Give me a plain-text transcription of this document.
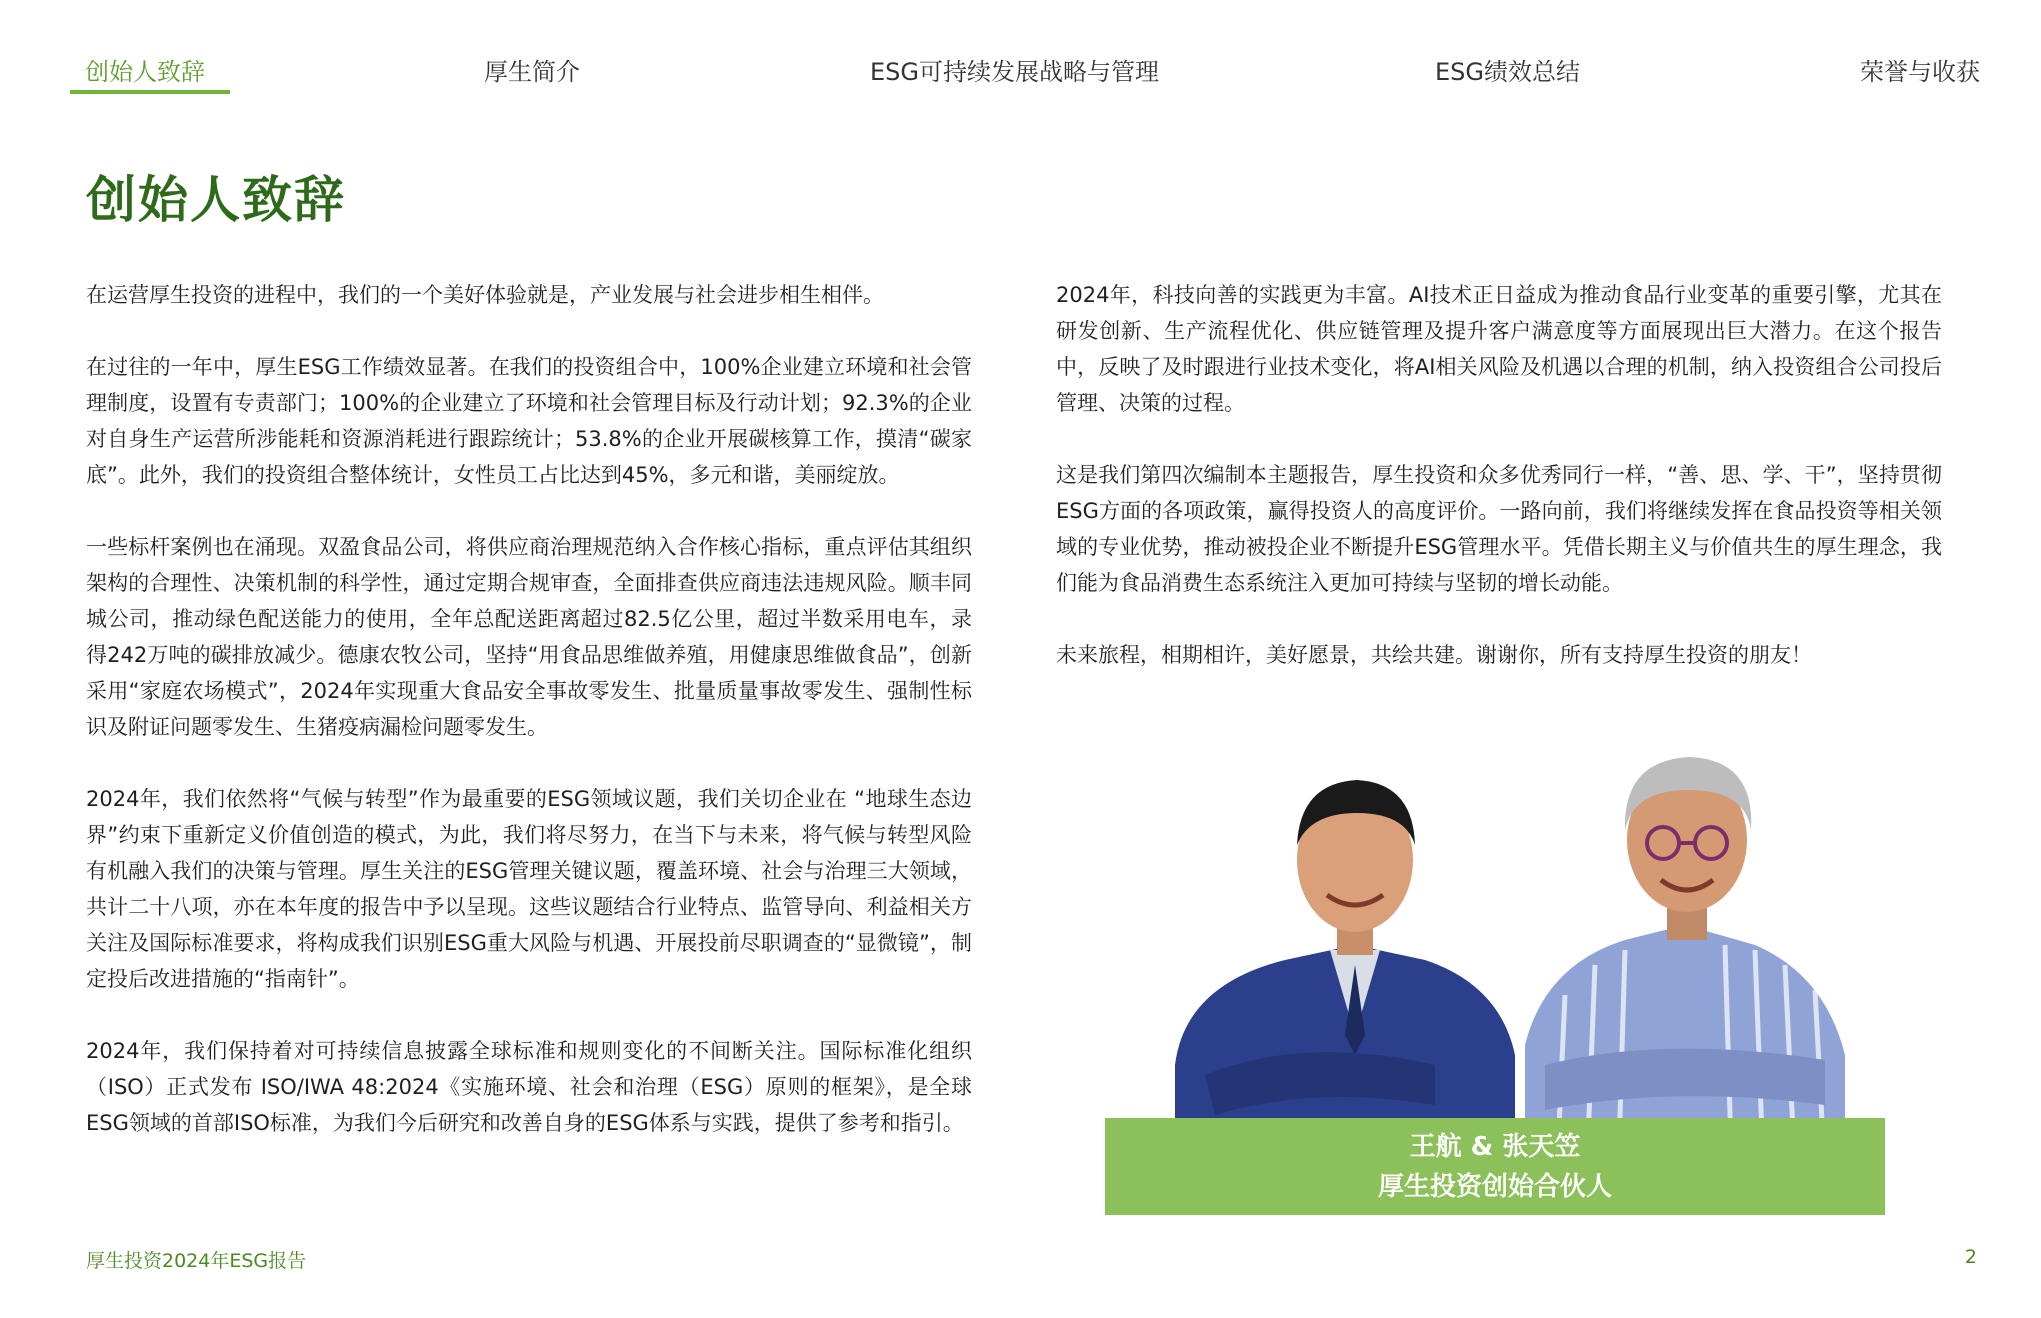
创始人致辞	厚生简介	ESG可持续发展战略与管理	ESG绩效总结	荣誉与收获
创始人致辞

在运营厚生投资的进程中，我们的一个美好体验就是，产业发展与社会进步相生相伴。

在过往的一年中，厚生ESG工作绩效显著。在我们的投资组合中，100%企业建立环境和社会管理制度，设置有专责部门；100%的企业建立了环境和社会管理目标及行动计划；92.3%的企业对自身生产运营所涉能耗和资源消耗进行跟踪统计；53.8%的企业开展碳核算工作，摸清“碳家底”。此外，我们的投资组合整体统计，女性员工占比达到45%，多元和谐，美丽绽放。

一些标杆案例也在涌现。双盈食品公司，将供应商治理规范纳入合作核心指标，重点评估其组织架构的合理性、决策机制的科学性，通过定期合规审查，全面排查供应商违法违规风险。顺丰同城公司，推动绿色配送能力的使用，全年总配送距离超过82.5亿公里，超过半数采用电车，录得242万吨的碳排放减少。德康农牧公司，坚持“用食品思维做养殖，用健康思维做食品”，创新采用“家庭农场模式”，2024年实现重大食品安全事故零发生、批量质量事故零发生、强制性标识及附证问题零发生、生猪疫病漏检问题零发生。

2024年，我们依然将“气候与转型”作为最重要的ESG领域议题，我们关切企业在 “地球生态边界”约束下重新定义价值创造的模式，为此，我们将尽努力，在当下与未来，将气候与转型风险有机融入我们的决策与管理。厚生关注的ESG管理关键议题，覆盖环境、社会与治理三大领域，共计二十八项，亦在本年度的报告中予以呈现。这些议题结合行业特点、监管导向、利益相关方关注及国际标准要求，将构成我们识别ESG重大风险与机遇、开展投前尽职调查的“显微镜”，制定投后改进措施的“指南针”。

2024年，我们保持着对可持续信息披露全球标准和规则变化的不间断关注。国际标准化组织（ISO）正式发布 ISO/IWA 48:2024《实施环境、社会和治理（ESG）原则的框架》，是全球ESG领域的首部ISO标准，为我们今后研究和改善自身的ESG体系与实践，提供了参考和指引。

2024年，科技向善的实践更为丰富。AI技术正日益成为推动食品行业变革的重要引擎，尤其在研发创新、生产流程优化、供应链管理及提升客户满意度等方面展现出巨大潜力。在这个报告中，反映了及时跟进行业技术变化，将AI相关风险及机遇以合理的机制，纳入投资组合公司投后管理、决策的过程。

这是我们第四次编制本主题报告，厚生投资和众多优秀同行一样，“善、思、学、干”，坚持贯彻ESG方面的各项政策，赢得投资人的高度评价。一路向前，我们将继续发挥在食品投资等相关领域的专业优势，推动被投企业不断提升ESG管理水平。凭借长期主义与价值共生的厚生理念，我们能为食品消费生态系统注入更加可持续与坚韧的增长动能。

未来旅程，相期相许，美好愿景，共绘共建。谢谢你，所有支持厚生投资的朋友！

王航 & 张天笠
厚生投资创始合伙人
厚生投资2024年ESG报告	2
